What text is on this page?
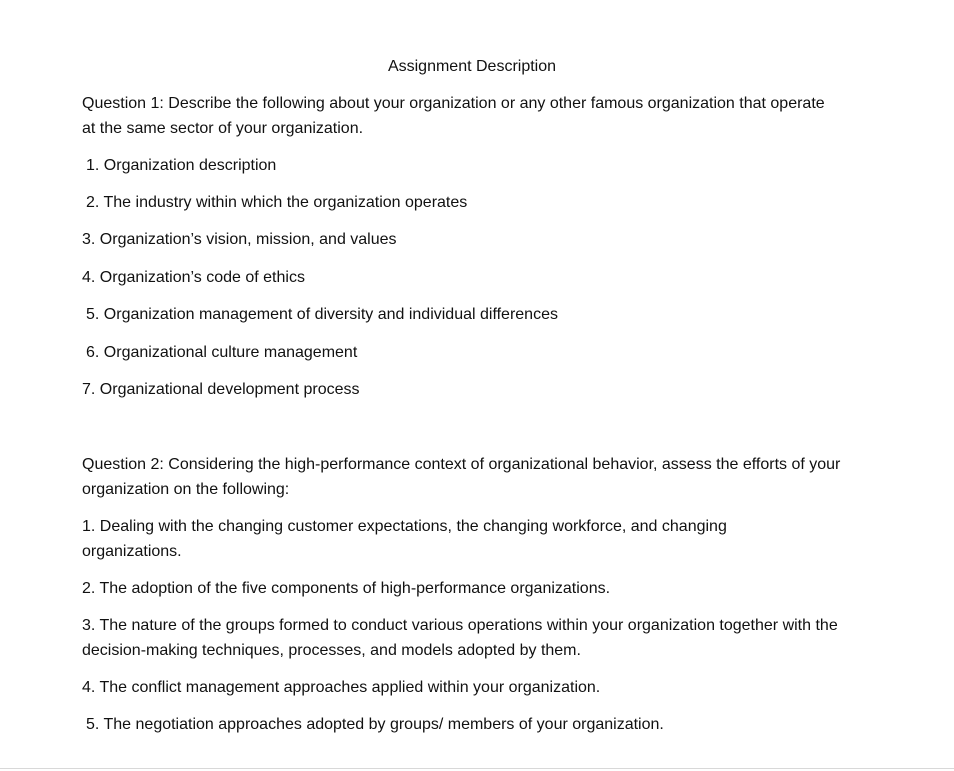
Assignment Description
Question 1: Describe the following about your organization or any other famous organization that operate at the same sector of your organization.
1. Organization description
2. The industry within which the organization operates
3. Organization’s vision, mission, and values
4. Organization’s code of ethics
5. Organization management of diversity and individual differences
6. Organizational culture management
7. Organizational development process
Question 2: Considering the high-performance context of organizational behavior, assess the efforts of your organization on the following:
1. Dealing with the changing customer expectations, the changing workforce, and changing organizations.
2. The adoption of the five components of high-performance organizations.
3. The nature of the groups formed to conduct various operations within your organization together with the decision-making techniques, processes, and models adopted by them.
4. The conflict management approaches applied within your organization.
5. The negotiation approaches adopted by groups/ members of your organization.
